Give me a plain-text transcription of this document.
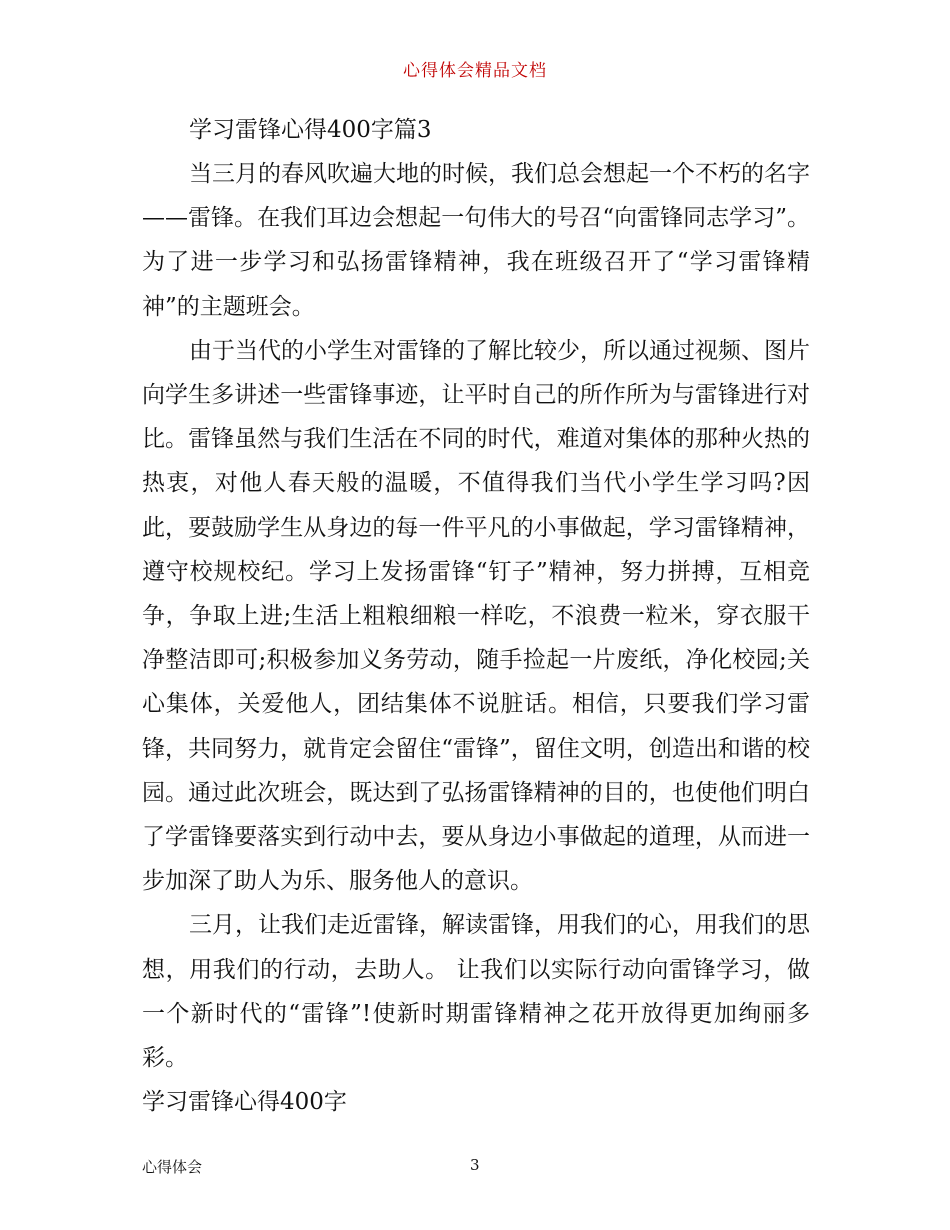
心得体会精品文档
学习雷锋心得400字篇3

当三月的春风吹遍大地的时候，我们总会想起一个不朽的名字——雷锋。在我们耳边会想起一句伟大的号召“向雷锋同志学习”。为了进一步学习和弘扬雷锋精神，我在班级召开了“学习雷锋精神”的主题班会。

由于当代的小学生对雷锋的了解比较少，所以通过视频、图片向学生多讲述一些雷锋事迹，让平时自己的所作所为与雷锋进行对比。雷锋虽然与我们生活在不同的时代，难道对集体的那种火热的热衷，对他人春天般的温暖，不值得我们当代小学生学习吗?因此，要鼓励学生从身边的每一件平凡的小事做起，学习雷锋精神，遵守校规校纪。学习上发扬雷锋“钉子”精神，努力拼搏，互相竞争，争取上进;生活上粗粮细粮一样吃，不浪费一粒米，穿衣服干净整洁即可;积极参加义务劳动，随手捡起一片废纸，净化校园;关心集体，关爱他人，团结集体不说脏话。相信，只要我们学习雷锋，共同努力，就肯定会留住“雷锋”，留住文明，创造出和谐的校园。通过此次班会，既达到了弘扬雷锋精神的目的，也使他们明白了学雷锋要落实到行动中去，要从身边小事做起的道理，从而进一步加深了助人为乐、服务他人的意识。

三月，让我们走近雷锋，解读雷锋，用我们的心，用我们的思想，用我们的行动，去助人。 让我们以实际行动向雷锋学习，做一个新时代的“雷锋”!使新时期雷锋精神之花开放得更加绚丽多彩。

学习雷锋心得400字
心得体会	3
